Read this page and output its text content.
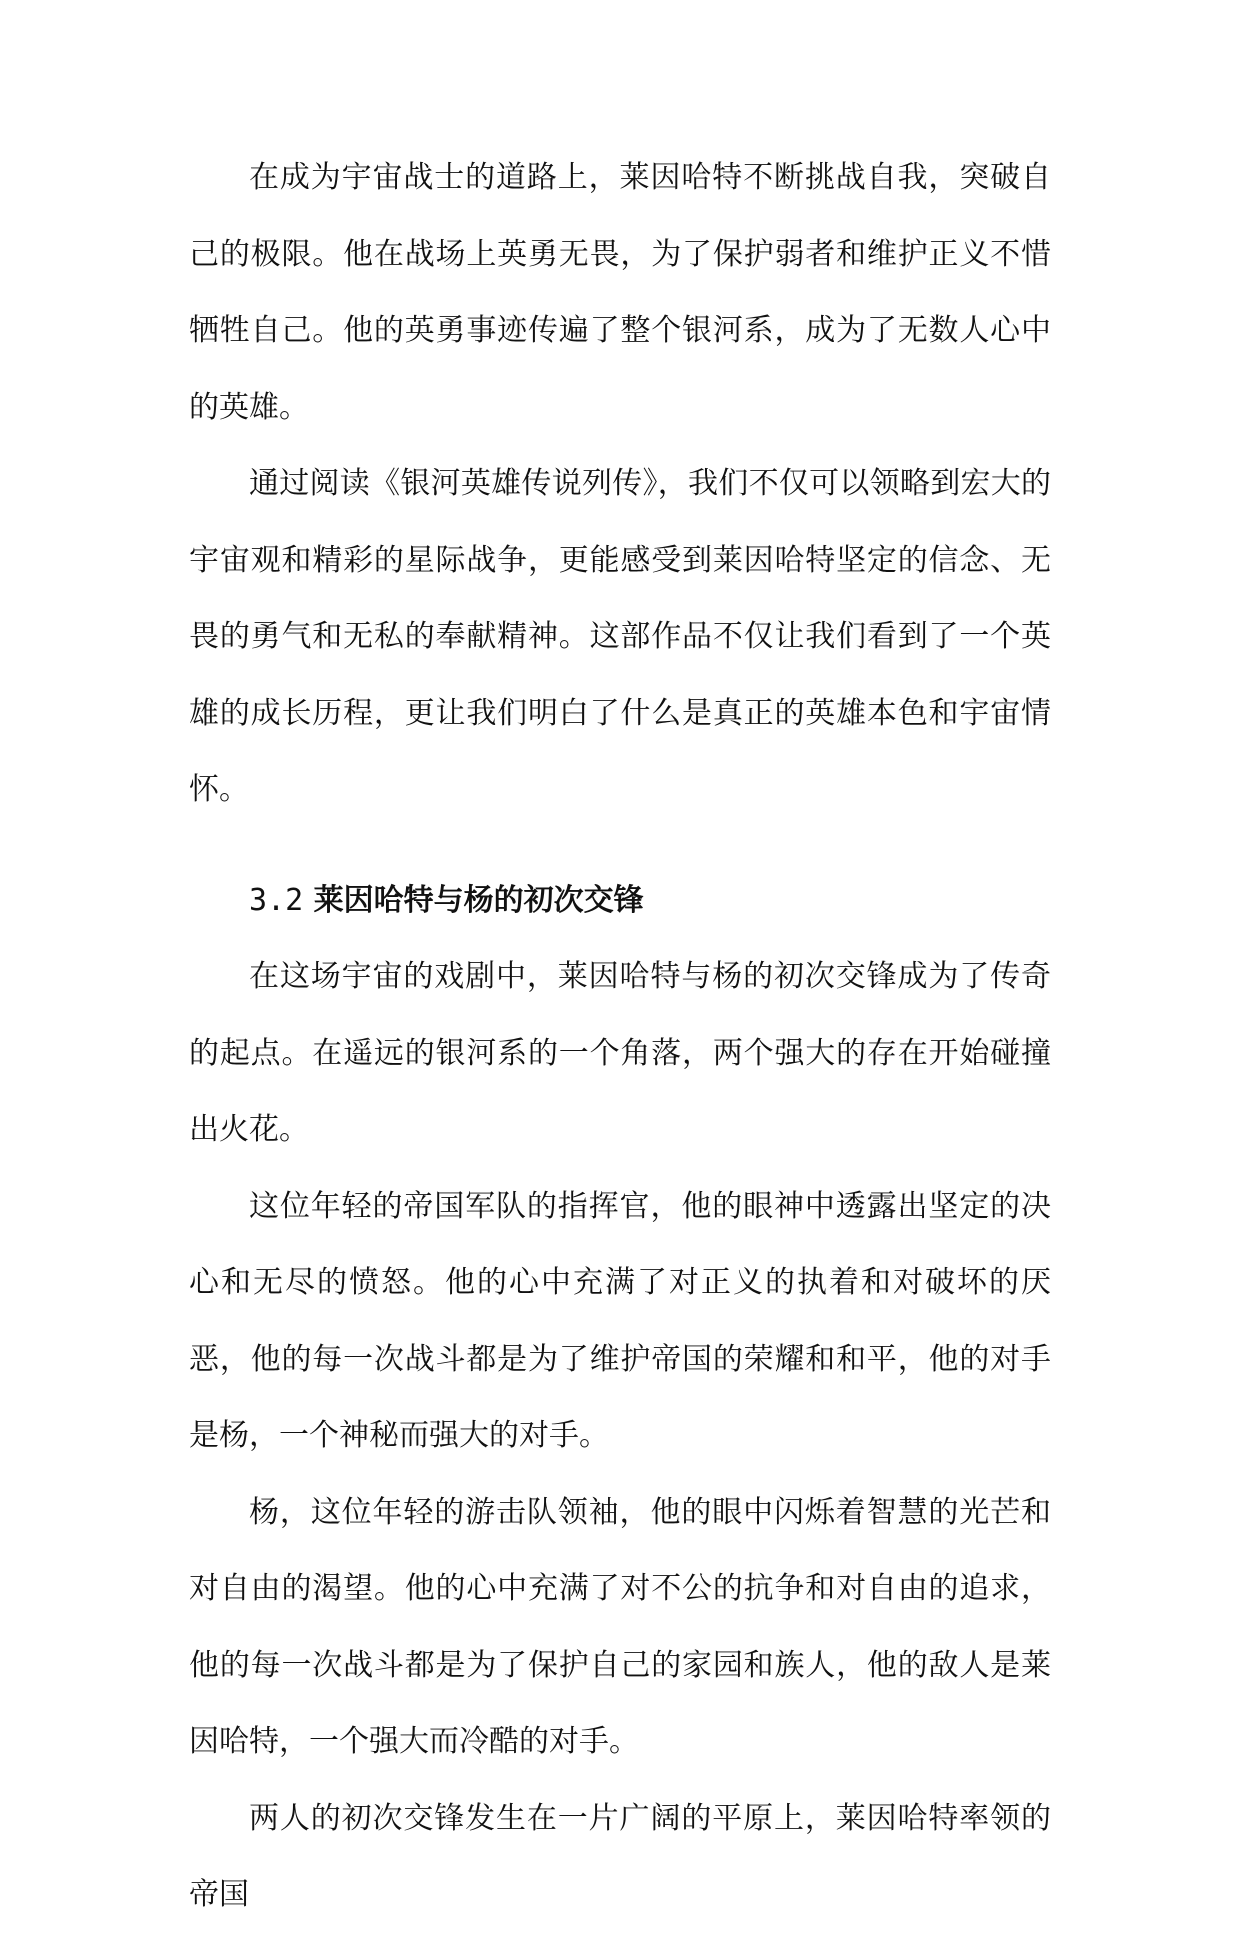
在成为宇宙战士的道路上，莱因哈特不断挑战自我，突破自己的极限。他在战场上英勇无畏，为了保护弱者和维护正义不惜牺牲自己。他的英勇事迹传遍了整个银河系，成为了无数人心中的英雄。

通过阅读《银河英雄传说列传》，我们不仅可以领略到宏大的宇宙观和精彩的星际战争，更能感受到莱因哈特坚定的信念、无畏的勇气和无私的奉献精神。这部作品不仅让我们看到了一个英雄的成长历程，更让我们明白了什么是真正的英雄本色和宇宙情怀。

3.2 莱因哈特与杨的初次交锋

在这场宇宙的戏剧中，莱因哈特与杨的初次交锋成为了传奇的起点。在遥远的银河系的一个角落，两个强大的存在开始碰撞出火花。

这位年轻的帝国军队的指挥官，他的眼神中透露出坚定的决心和无尽的愤怒。他的心中充满了对正义的执着和对破坏的厌恶，他的每一次战斗都是为了维护帝国的荣耀和和平，他的对手是杨，一个神秘而强大的对手。

杨，这位年轻的游击队领袖，他的眼中闪烁着智慧的光芒和对自由的渴望。他的心中充满了对不公的抗争和对自由的追求，他的每一次战斗都是为了保护自己的家园和族人，他的敌人是莱因哈特，一个强大而冷酷的对手。

两人的初次交锋发生在一片广阔的平原上，莱因哈特率领的帝国
